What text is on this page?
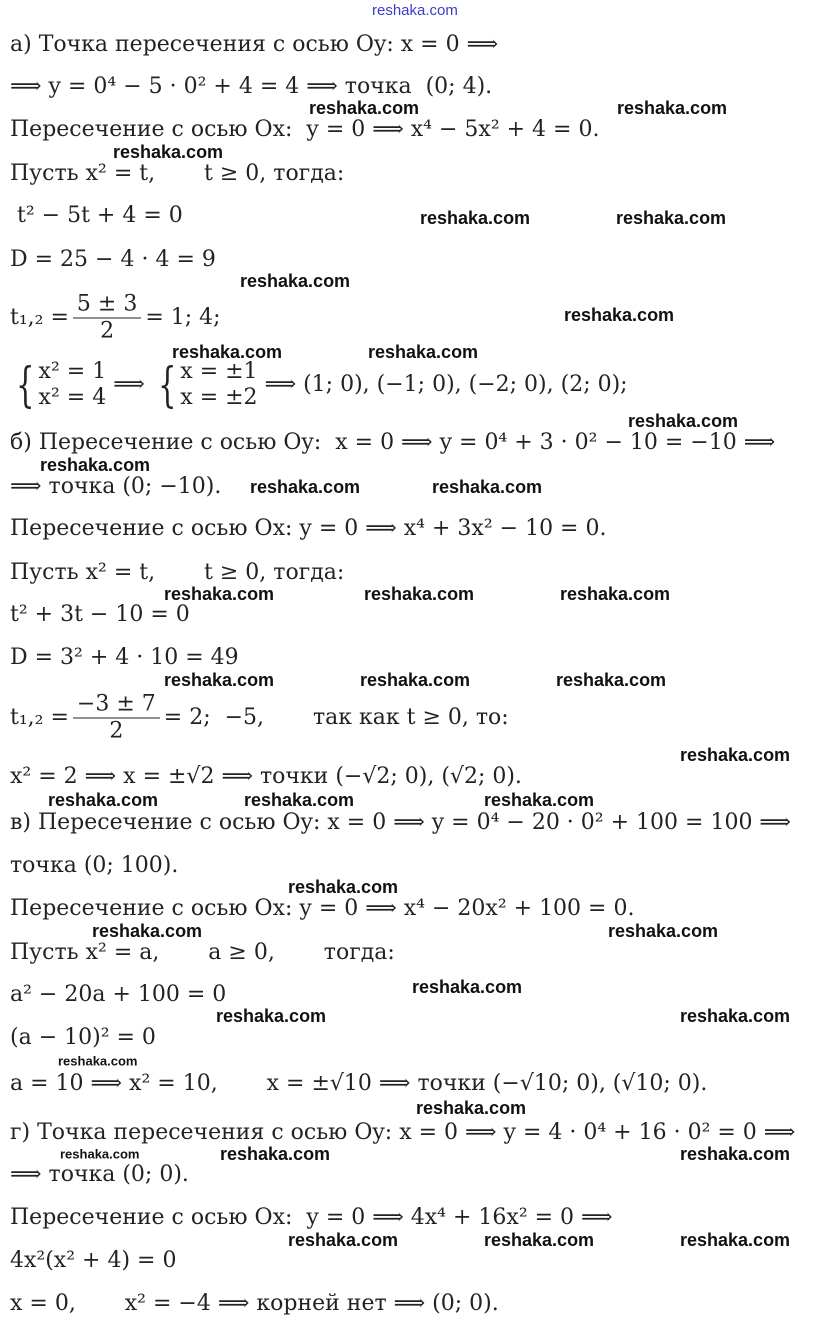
а) Точка пересечения с осью Oy: x = 0 ⟹
⟹ y = 0⁴ − 5 · 0² + 4 = 4 ⟹ точка  (0; 4).
Пересечение с осью Ox:  y = 0 ⟹ x⁴ − 5x² + 4 = 0.
Пусть x² = t,       t ≥ 0, тогда:
t² − 5t + 4 = 0
D = 25 − 4 · 4 = 9
$t_1,_2 = \frac{5 \pm 3}{2} = 1$; 4;
{ x² = 1
x² = 4
⟹ { x = ±1
x = ±2
⟹ (1; 0), (−1; 0), (−2; 0), (2; 0);
б) Пересечение с осью Oy:  x = 0 ⟹ y = 0⁴ + 3 · 0² − 10 = −10 ⟹
⟹ точка (0; −10).
Пересечение с осью Ox: y = 0 ⟹ x⁴ + 3x² − 10 = 0.
Пусть x² = t,       t ≥ 0, тогда:
t² + 3t − 10 = 0
D = 3² + 4 · 10 = 49
$t_1,_2 = \frac{-3 \pm 7}{2} = 2$;  −5,       так как t ≥ 0, то:
x² = 2 ⟹ x = ±√2 ⟹ точки (−√2; 0), (√2; 0).
в) Пересечение с осью Oy: x = 0 ⟹ y = 0⁴ − 20 · 0² + 100 = 100 ⟹
точка (0; 100).
Пересечение с осью Ox: y = 0 ⟹ x⁴ − 20x² + 100 = 0.
Пусть x² = a,       a ≥ 0,       тогда:
a² − 20a + 100 = 0
(a − 10)² = 0
a = 10 ⟹ x² = 10,       x = ±√10 ⟹ точки (−√10; 0), (√10; 0).
г) Точка пересечения с осью Oy: x = 0 ⟹ y = 4 · 0⁴ + 16 · 0² = 0 ⟹
⟹ точка (0; 0).
Пересечение с осью Ox:  y = 0 ⟹ 4x⁴ + 16x² = 0 ⟹
4x²(x² + 4) = 0
x = 0,       x² = −4 ⟹ корней нет ⟹ (0; 0).
reshaka.com
reshaka.com	reshaka.com
reshaka.com
reshaka.com	reshaka.com
reshaka.com
reshaka.com
reshaka.com	reshaka.com
reshaka.com
reshaka.com
reshaka.com	reshaka.com
reshaka.com	reshaka.com
reshaka.com
reshaka.com	reshaka.com
reshaka.com
reshaka.com
reshaka.com
reshaka.com	reshaka.com
reshaka.com
reshaka.com	reshaka.com
reshaka.com
reshaka.com	reshaka.com
reshaka.com
reshaka.com
reshaka.com	reshaka.com	reshaka.com
reshaka.com	reshaka.com	reshaka.com
